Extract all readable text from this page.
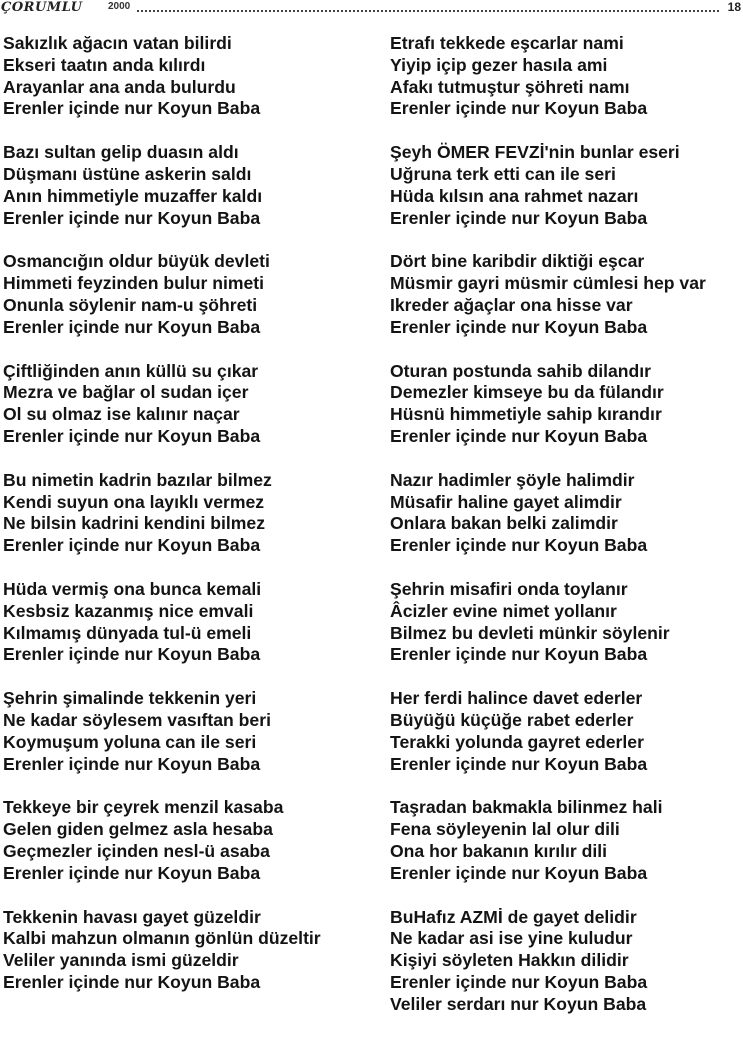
ÇORUMLU	2000	18
Sakızlık ağacın vatan bilirdi
Ekseri taatın anda kılırdı
Arayanlar ana anda bulurdu
Erenler içinde nur Koyun Baba
Bazı sultan gelip duasın aldı
Düşmanı üstüne askerin saldı
Anın himmetiyle muzaffer kaldı
Erenler içinde nur Koyun Baba
Osmancığın oldur büyük devleti
Himmeti feyzinden bulur nimeti
Onunla söylenir nam-u şöhreti
Erenler içinde nur Koyun Baba
Çiftliğinden anın küllü su çıkar
Mezra ve bağlar ol sudan içer
Ol su olmaz ise kalınır naçar
Erenler içinde nur Koyun Baba
Bu nimetin kadrin bazılar bilmez
Kendi suyun ona layıklı vermez
Ne bilsin kadrini kendini bilmez
Erenler içinde nur Koyun Baba
Hüda vermiş ona bunca kemali
Kesbsiz kazanmış nice emvali
Kılmamış dünyada tul-ü emeli
Erenler içinde nur Koyun Baba
Şehrin şimalinde tekkenin yeri
Ne kadar söylesem vasıftan beri
Koymuşum yoluna can ile seri
Erenler içinde nur Koyun Baba
Tekkeye bir çeyrek menzil kasaba
Gelen giden gelmez asla hesaba
Geçmezler içinden nesl-ü asaba
Erenler içinde nur Koyun Baba
Tekkenin havası gayet güzeldir
Kalbi mahzun olmanın gönlün düzeltir
Veliler yanında ismi güzeldir
Erenler içinde nur Koyun Baba
Etrafı tekkede eşcarlar nami
Yiyip içip gezer hasıla ami
Afakı tutmuştur şöhreti namı
Erenler içinde nur Koyun Baba
Şeyh ÖMER FEVZİ'nin bunlar eseri
Uğruna terk etti can ile seri
Hüda kılsın ana rahmet nazarı
Erenler içinde nur Koyun Baba
Dört bine karibdir diktiği eşcar
Müsmir gayri müsmir cümlesi hep var
Ikreder ağaçlar ona hisse var
Erenler içinde nur Koyun Baba
Oturan postunda sahib dilandır
Demezler kimseye bu da fülandır
Hüsnü himmetiyle sahip kırandır
Erenler içinde nur Koyun Baba
Nazır hadimler şöyle halimdir
Müsafir haline gayet alimdir
Onlara bakan belki zalimdir
Erenler içinde nur Koyun Baba
Şehrin misafiri onda toylanır
Âcizler evine nimet yollanır
Bilmez bu devleti münkir söylenir
Erenler içinde nur Koyun Baba
Her ferdi halince davet ederler
Büyüğü küçüğe rabet ederler
Terakki yolunda gayret ederler
Erenler içinde nur Koyun Baba
Taşradan bakmakla bilinmez hali
Fena söyleyenin lal olur dili
Ona hor bakanın kırılır dili
Erenler içinde nur Koyun Baba
BuHafız AZMİ de gayet delidir
Ne kadar asi ise yine kuludur
Kişiyi söyleten Hakkın dilidir
Erenler içinde nur Koyun Baba
Veliler serdarı nur Koyun Baba
